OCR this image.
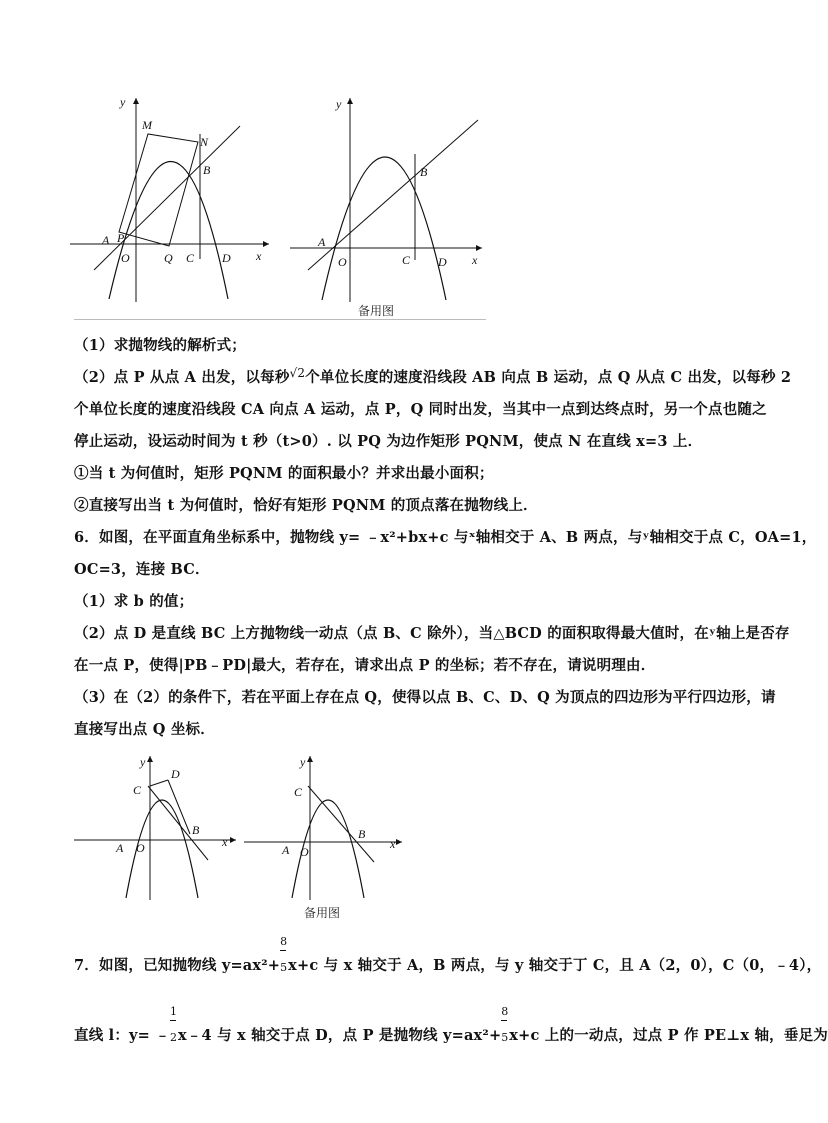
y
M
N
B
A P
O	Q C D x
y
B
A
O	C D x
备用图
（1）求抛物线的解析式；
（2）点 P 从点 A 出发，以每秒$^{√2}$个单位长度的速度沿线段 AB 向点 B 运动，点 Q 从点 C 出发，以每秒 2
个单位长度的速度沿线段 CA 向点 A 运动，点 P，Q 同时出发，当其中一点到达终点时，另一个点也随之
停止运动，设运动时间为 t 秒（t>0）. 以 PQ 为边作矩形 PQNM，使点 N 在直线 x=3 上．
①当 t 为何值时，矩形 PQNM 的面积最小？并求出最小面积；
②直接写出当 t 为何值时，恰好有矩形 PQNM 的顶点落在抛物线上．
6．如图，在平面直角坐标系中，抛物线 y= ﹣x²+bx+c 与ˣ轴相交于 A、B 两点，与ʸ轴相交于点 C，OA=1，
OC=3，连接 BC．
（1）求 b 的值；
（2）点 D 是直线 BC 上方抛物线一动点（点 B、C 除外），当△BCD 的面积取得最大值时，在ʸ轴上是否存
在一点 P，使得|PB﹣PD|最大，若存在，请求出点 P 的坐标；若不存在，请说明理由．
（3）在（2）的条件下，若在平面上存在点 Q，使得以点 B、C、D、Q 为顶点的四边形为平行四边形，请
直接写出点 Q 坐标．
y
D
C
B
x
A O
y
C
B
x
A O
备用图
7．如图，已知抛物线 $y=ax^2+ \frac{8}{5} x+c$ 与 x 轴交于 A，B 两点，与 y 轴交于丁 C，且 A（2，0），C（0，﹣4），
直线 l：y= ﹣ $\frac{1}{2}$ x﹣4 与 x 轴交于点 D，点 P 是抛物线 $y=ax^2+ \frac{8}{5} x+c$ 上的一动点，过点 P 作 PE⊥x 轴，垂足为
